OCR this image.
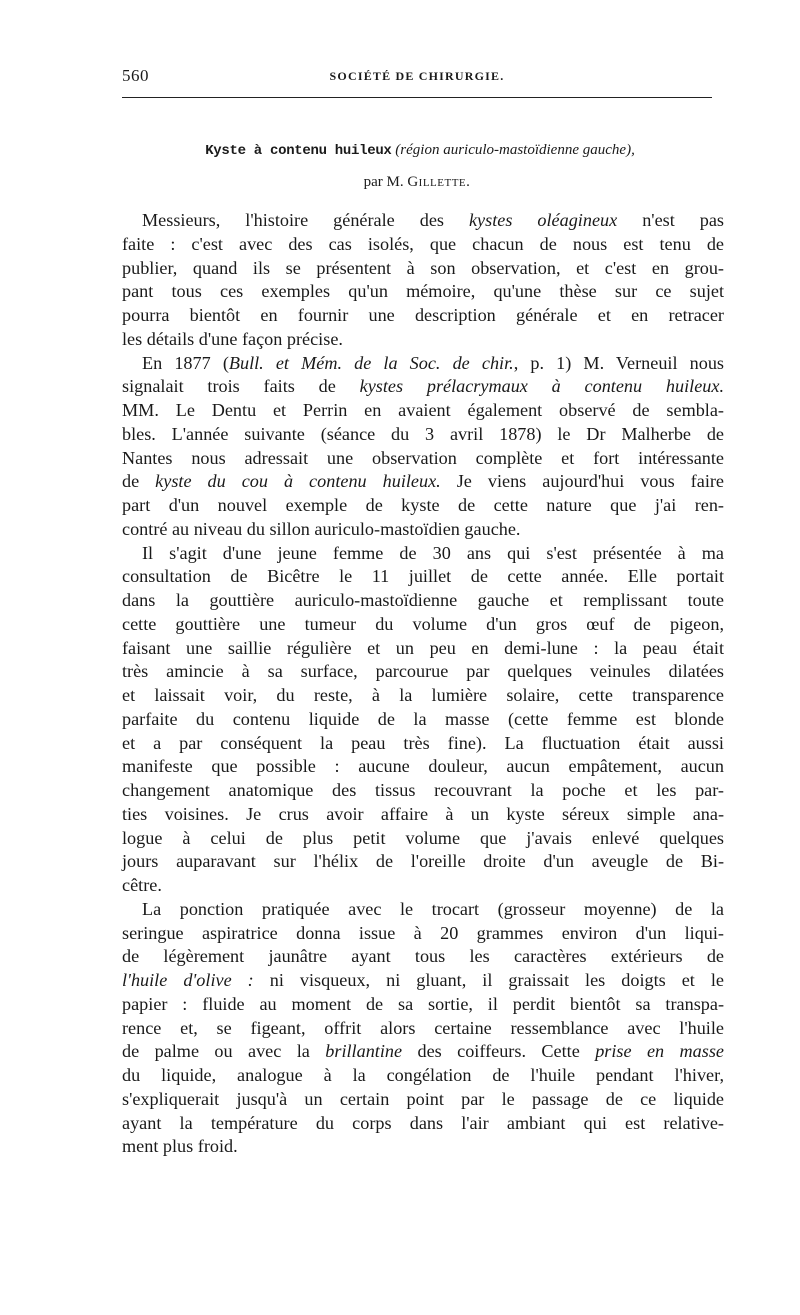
560	SOCIÉTÉ DE CHIRURGIE.
Kyste à contenu huileux (région auriculo-mastoïdienne gauche),
par M. Gillette.
Messieurs, l'histoire générale des kystes oléagineux n'est pas
faite : c'est avec des cas isolés, que chacun de nous est tenu de
publier, quand ils se présentent à son observation, et c'est en grou-
pant tous ces exemples qu'un mémoire, qu'une thèse sur ce sujet
pourra bientôt en fournir une description générale et en retracer
les détails d'une façon précise.
En 1877 (Bull. et Mém. de la Soc. de chir., p. 1) M. Verneuil nous
signalait trois faits de kystes prélacrymaux à contenu huileux.
MM. Le Dentu et Perrin en avaient également observé de sembla-
bles. L'année suivante (séance du 3 avril 1878) le Dr Malherbe de
Nantes nous adressait une observation complète et fort intéressante
de kyste du cou à contenu huileux. Je viens aujourd'hui vous faire
part d'un nouvel exemple de kyste de cette nature que j'ai ren-
contré au niveau du sillon auriculo-mastoïdien gauche.
Il s'agit d'une jeune femme de 30 ans qui s'est présentée à ma
consultation de Bicêtre le 11 juillet de cette année. Elle portait
dans la gouttière auriculo-mastoïdienne gauche et remplissant toute
cette gouttière une tumeur du volume d'un gros œuf de pigeon,
faisant une saillie régulière et un peu en demi-lune : la peau était
très amincie à sa surface, parcourue par quelques veinules dilatées
et laissait voir, du reste, à la lumière solaire, cette transparence
parfaite du contenu liquide de la masse (cette femme est blonde
et a par conséquent la peau très fine). La fluctuation était aussi
manifeste que possible : aucune douleur, aucun empâtement, aucun
changement anatomique des tissus recouvrant la poche et les par-
ties voisines. Je crus avoir affaire à un kyste séreux simple ana-
logue à celui de plus petit volume que j'avais enlevé quelques
jours auparavant sur l'hélix de l'oreille droite d'un aveugle de Bi-
cêtre.
La ponction pratiquée avec le trocart (grosseur moyenne) de la
seringue aspiratrice donna issue à 20 grammes environ d'un liqui-
de légèrement jaunâtre ayant tous les caractères extérieurs de
l'huile d'olive : ni visqueux, ni gluant, il graissait les doigts et le
papier : fluide au moment de sa sortie, il perdit bientôt sa transpa-
rence et, se figeant, offrit alors certaine ressemblance avec l'huile
de palme ou avec la brillantine des coiffeurs. Cette prise en masse
du liquide, analogue à la congélation de l'huile pendant l'hiver,
s'expliquerait jusqu'à un certain point par le passage de ce liquide
ayant la température du corps dans l'air ambiant qui est relative-
ment plus froid.
